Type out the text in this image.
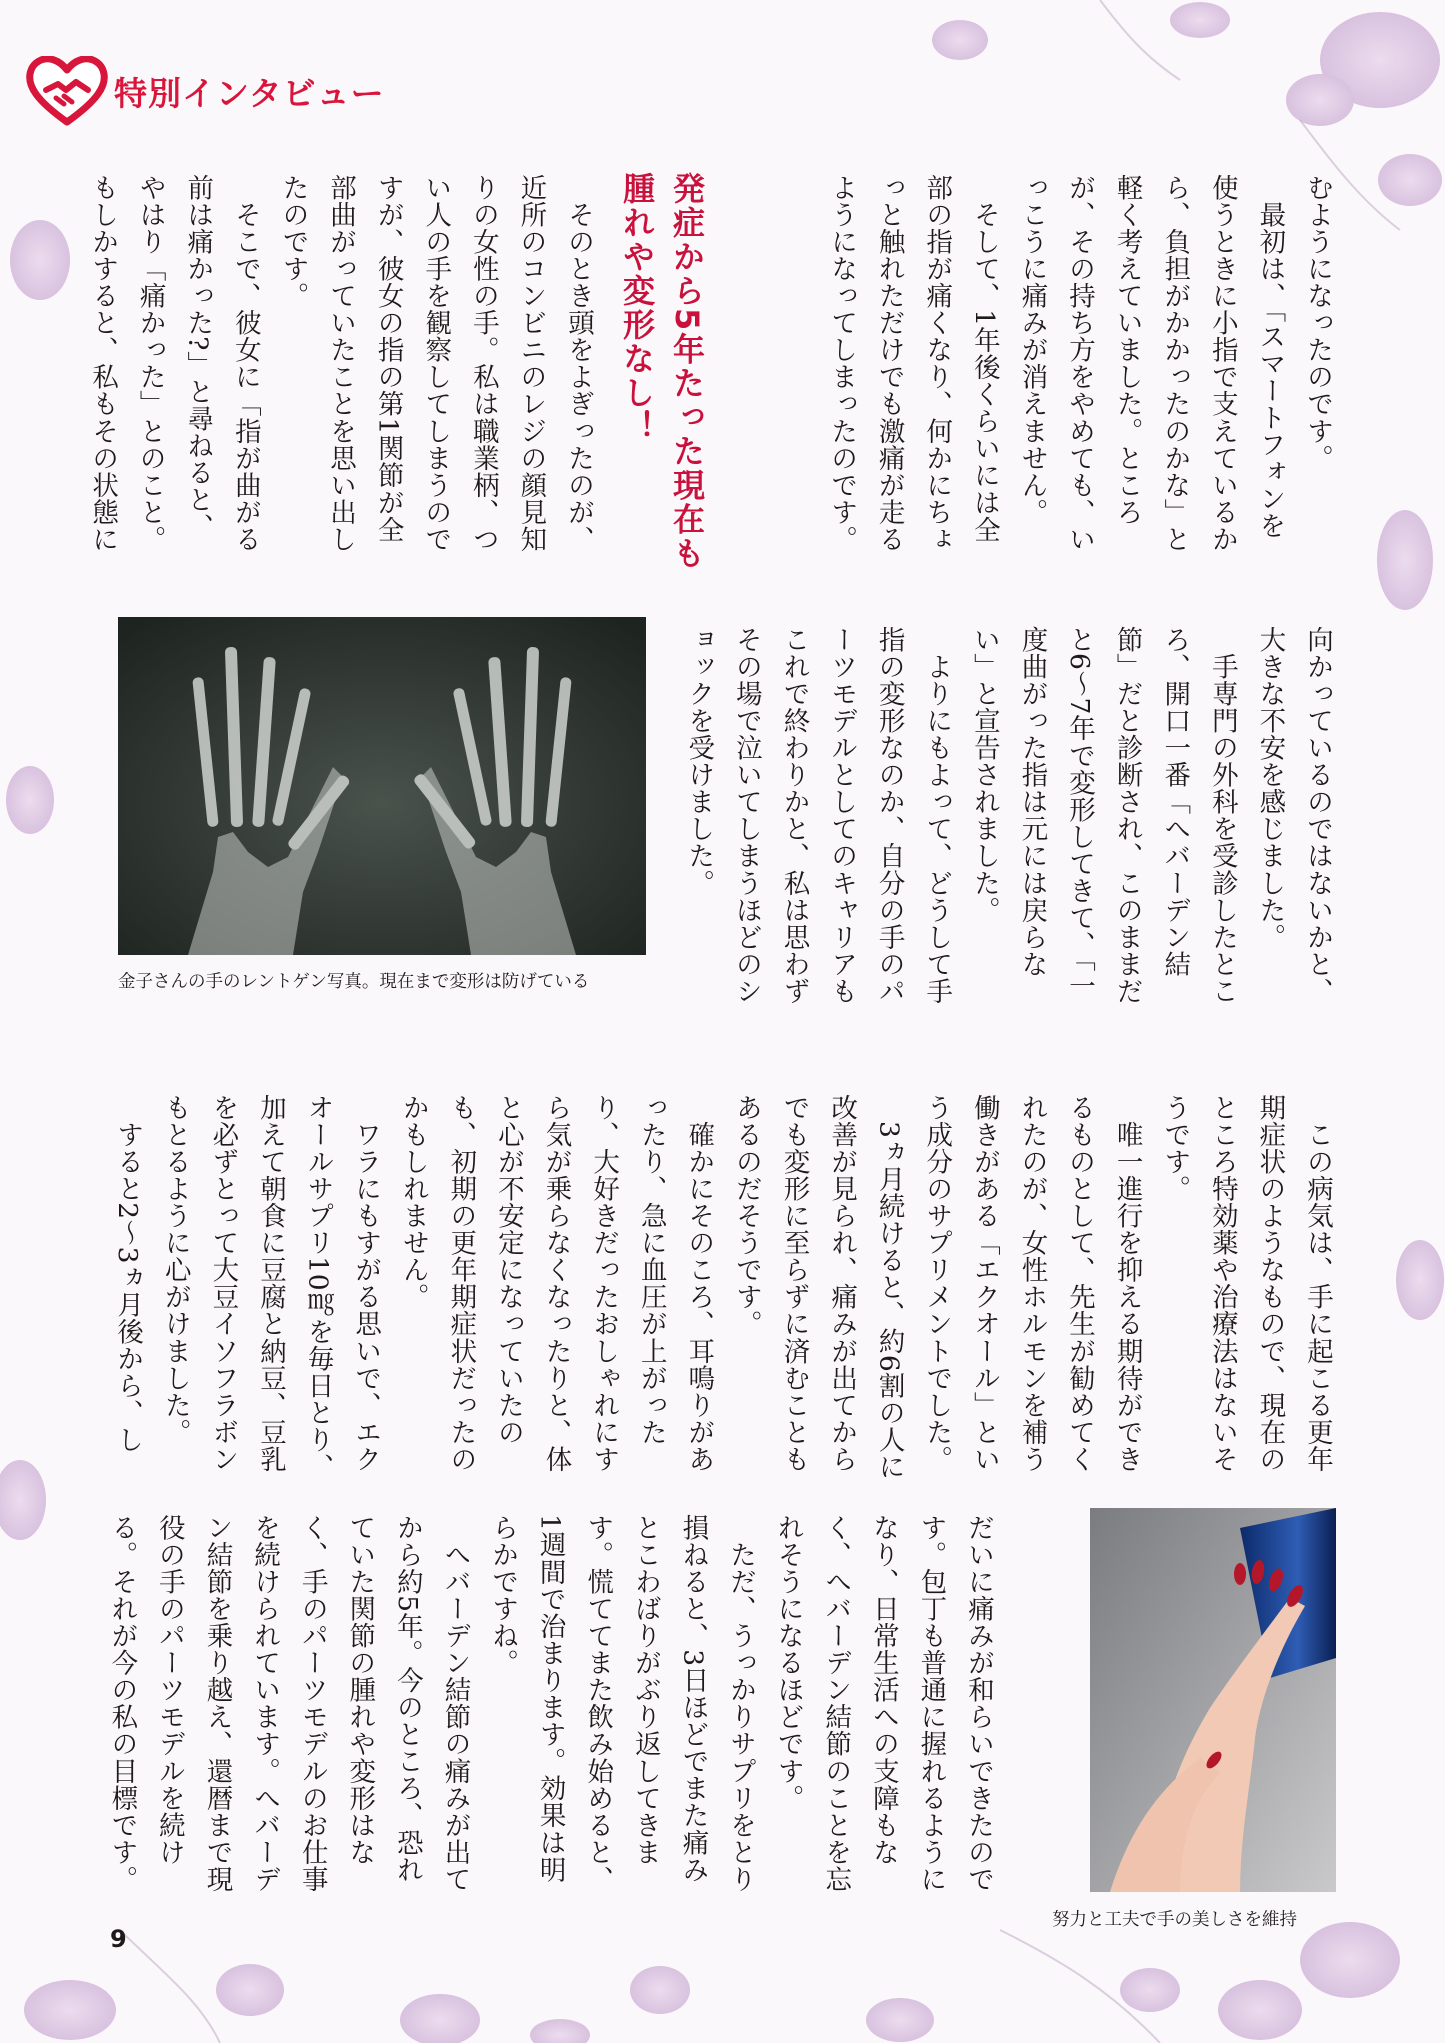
特別インタビュー

むようになったのです。

　最初は、「スマートフォンを使うときに小指で支えているから、負担がかかったのかな」と軽く考えていました。ところが、その持ち方をやめても、いっこうに痛みが消えません。

　そして、1年後くらいには全部の指が痛くなり、何かにちょっと触れただけでも激痛が走るようになってしまったのです。

発症から5年たった現在も腫れや変形なし！

　そのとき頭をよぎったのが、近所のコンビニのレジの顔見知りの女性の手。私は職業柄、つい人の手を観察してしまうのですが、彼女の指の第1関節が全部曲がっていたことを思い出したのです。

　そこで、彼女に「指が曲がる前は痛かった?」と尋ねると、やはり「痛かった」とのこと。もしかすると、私もその状態に

向かっているのではないかと、大きな不安を感じました。

　手専門の外科を受診したところ、開口一番「へバーデン結節」だと診断され、このままだと6～7年で変形してきて、「一度曲がった指は元には戻らない」と宣告されました。

　よりにもよって、どうして手指の変形なのか、自分の手のパーツモデルとしてのキャリアもこれで終わりかと、私は思わずその場で泣いてしまうほどのショックを受けました。

金子さんの手のレントゲン写真。現在まで変形は防げている

　この病気は、手に起こる更年期症状のようなもので、現在のところ特効薬や治療法はないそうです。

　唯一進行を抑える期待ができるものとして、先生が勧めてくれたのが、女性ホルモンを補う働きがある「エクオール」という成分のサプリメントでした。

　3ヵ月続けると、約6割の人に改善が見られ、痛みが出てからでも変形に至らずに済むこともあるのだそうです。

　確かにそのころ、耳鳴りがあったり、急に血圧が上がったり、大好きだったおしゃれにすら気が乗らなくなったりと、体と心が不安定になっていたのも、初期の更年期症状だったのかもしれません。

　ワラにもすがる思いで、エクオールサプリ10㎎を毎日とり、加えて朝食に豆腐と納豆、豆乳を必ずとって大豆イソフラボンもとるように心がけました。

　すると2～3ヵ月後から、し

努力と工夫で手の美しさを維持

だいに痛みが和らいできたのです。包丁も普通に握れるようになり、日常生活への支障もなく、へバーデン結節のことを忘れそうになるほどです。

　ただ、うっかりサプリをとり損ねると、3日ほどでまた痛みとこわばりがぶり返してきます。慌ててまた飲み始めると、1週間で治まります。効果は明らかですね。

　へバーデン結節の痛みが出てから約5年。今のところ、恐れていた関節の腫れや変形はなく、手のパーツモデルのお仕事を続けられています。へバーデン結節を乗り越え、還暦まで現役の手のパーツモデルを続ける。それが今の私の目標です。

9
